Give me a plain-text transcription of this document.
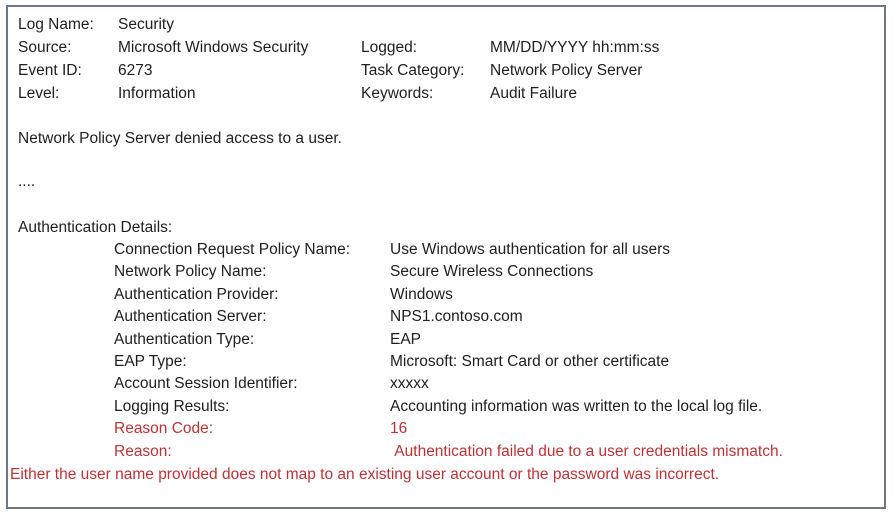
Log Name:	Security
Source:	Microsoft Windows Security	Logged:	MM/DD/YYYY hh:mm:ss
Event ID:	6273	Task Category:	Network Policy Server
Level:	Information	Keywords:	Audit Failure
Network Policy Server denied access to a user.
....
Authentication Details:
Connection Request Policy Name:	Use Windows authentication for all users
Network Policy Name:	Secure Wireless Connections
Authentication Provider:	Windows
Authentication Server:	NPS1.contoso.com
Authentication Type:	EAP
EAP Type:	Microsoft: Smart Card or other certificate
Account Session Identifier:	xxxxx
Logging Results:	Accounting information was written to the local log file.
Reason Code:	16
Reason:	Authentication failed due to a user credentials mismatch.
Either the user name provided does not map to an existing user account or the password was incorrect.
